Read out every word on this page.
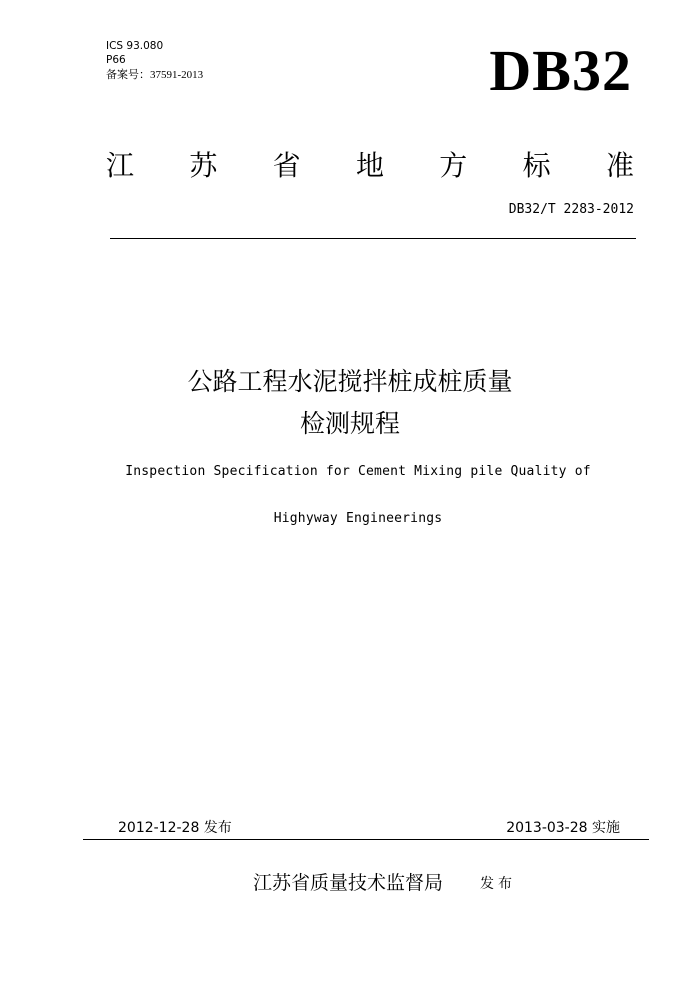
ICS 93.080
P66
备案号：37591-2013	DB32
江 苏 省 地 方 标 准
DB32/T 2283-2012
公路工程水泥搅拌桩成桩质量
检测规程
Inspection Specification for Cement Mixing pile Quality of
Highyway Engineerings
2012-12-28 发布	2013-03-28 实施
江苏省质量技术监督局	发布
